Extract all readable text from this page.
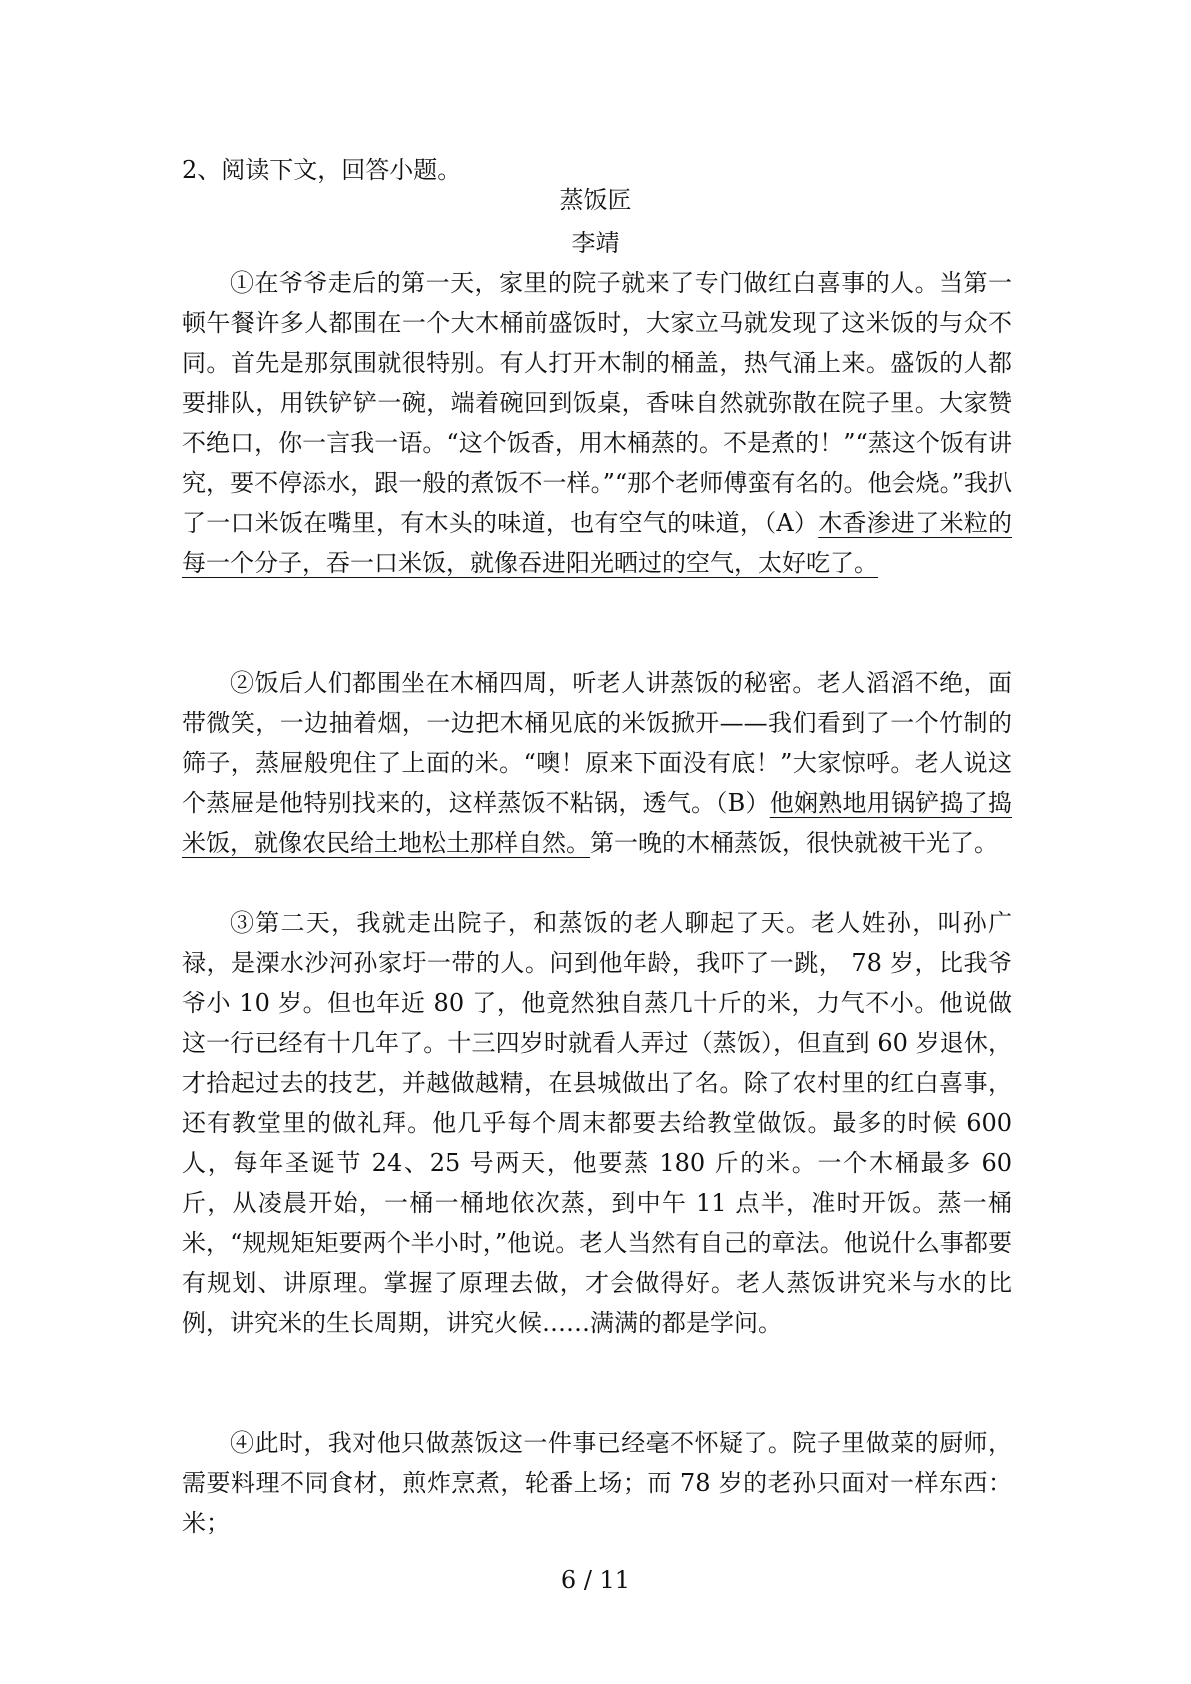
2、阅读下文，回答小题。
蒸饭匠
李靖
①在爷爷走后的第一天，家里的院子就来了专门做红白喜事的人。当第一顿午餐许多人都围在一个大木桶前盛饭时，大家立马就发现了这米饭的与众不同。首先是那氛围就很特别。有人打开木制的桶盖，热气涌上来。盛饭的人都要排队，用铁铲铲一碗，端着碗回到饭桌，香味自然就弥散在院子里。大家赞不绝口，你一言我一语。“这个饭香，用木桶蒸的。不是煮的！”“蒸这个饭有讲究，要不停添水，跟一般的煮饭不一样。”“那个老师傅蛮有名的。他会烧。”我扒了一口米饭在嘴里，有木头的味道，也有空气的味道，（A）木香渗进了米粒的每一个分子，吞一口米饭，就像吞进阳光晒过的空气，太好吃了。
②饭后人们都围坐在木桶四周，听老人讲蒸饭的秘密。老人滔滔不绝，面带微笑，一边抽着烟，一边把木桶见底的米饭掀开——我们看到了一个竹制的筛子，蒸屉般兜住了上面的米。“噢！原来下面没有底！”大家惊呼。老人说这个蒸屉是他特别找来的，这样蒸饭不粘锅，透气。（B）他娴熟地用锅铲捣了捣米饭，就像农民给土地松土那样自然。第一晚的木桶蒸饭，很快就被干光了。
③第二天，我就走出院子，和蒸饭的老人聊起了天。老人姓孙，叫孙广禄，是溧水沙河孙家圩一带的人。问到他年龄，我吓了一跳， 78 岁，比我爷爷小 10 岁。但也年近 80 了，他竟然独自蒸几十斤的米，力气不小。他说做这一行已经有十几年了。十三四岁时就看人弄过（蒸饭），但直到 60 岁退休，才拾起过去的技艺，并越做越精，在县城做出了名。除了农村里的红白喜事，还有教堂里的做礼拜。他几乎每个周末都要去给教堂做饭。最多的时候 600 人，每年圣诞节 24、25 号两天，他要蒸 180 斤的米。一个木桶最多 60 斤，从凌晨开始，一桶一桶地依次蒸，到中午 11 点半，准时开饭。蒸一桶米，“规规矩矩要两个半小时，”他说。老人当然有自己的章法。他说什么事都要有规划、讲原理。掌握了原理去做，才会做得好。老人蒸饭讲究米与水的比例，讲究米的生长周期，讲究火候……满满的都是学问。
④此时，我对他只做蒸饭这一件事已经毫不怀疑了。院子里做菜的厨师，需要料理不同食材，煎炸烹煮，轮番上场；而 78 岁的老孙只面对一样东西：米；
6 / 11
